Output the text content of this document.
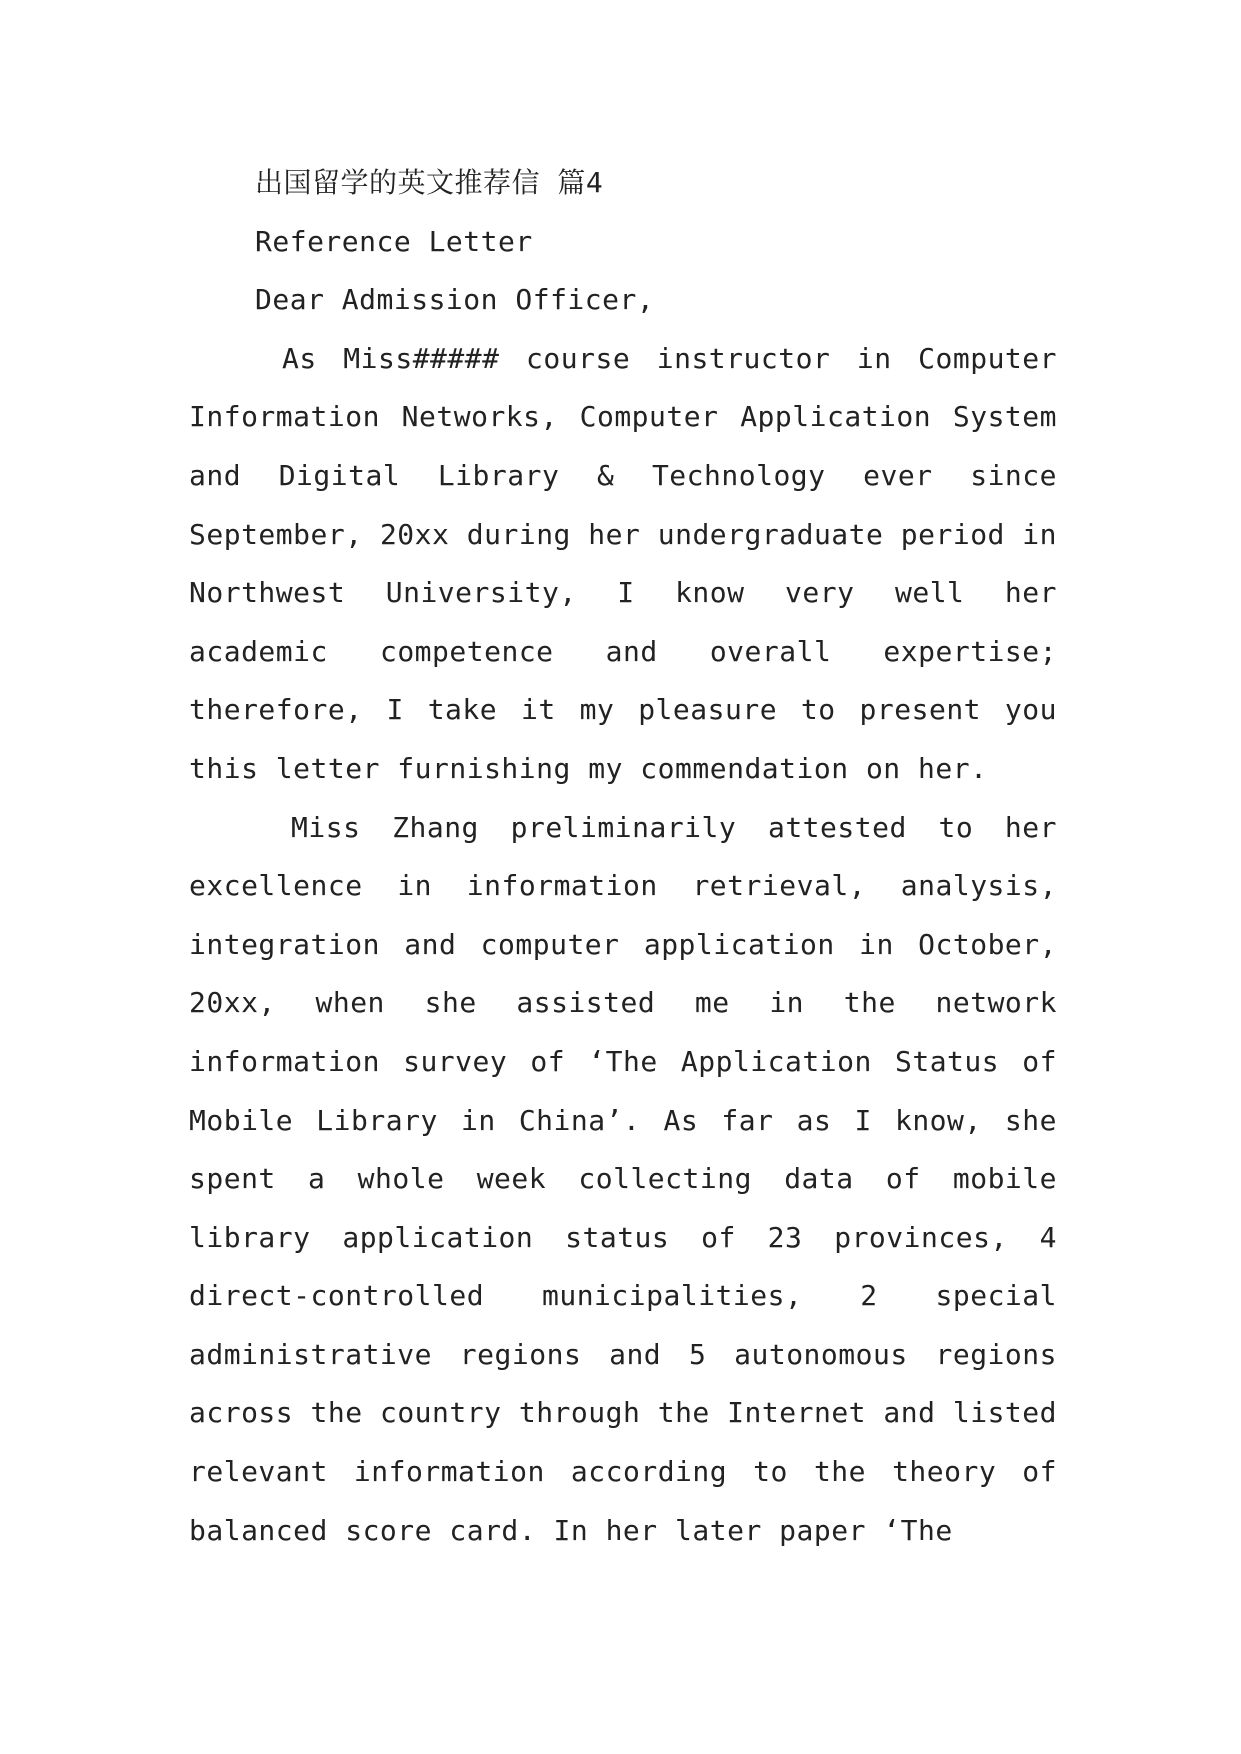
出国留学的英文推荐信 篇4
Reference Letter
Dear Admission Officer,

As Miss##### course instructor in Computer Information Networks, Computer Application System and Digital Library & Technology ever since September, 20xx during her undergraduate period in Northwest University, I know very well her academic competence and overall expertise; therefore, I take it my pleasure to present you this letter furnishing my commendation on her.

Miss Zhang preliminarily attested to her excellence in information retrieval, analysis, integration and computer application in October, 20xx, when she assisted me in the network information survey of ‘The Application Status of Mobile Library in China’. As far as I know, she spent a whole week collecting data of mobile library application status of 23 provinces, 4 direct-controlled municipalities, 2 special administrative regions and 5 autonomous regions across the country through the Internet and listed relevant information according to the theory of balanced score card. In her later paper ‘The
